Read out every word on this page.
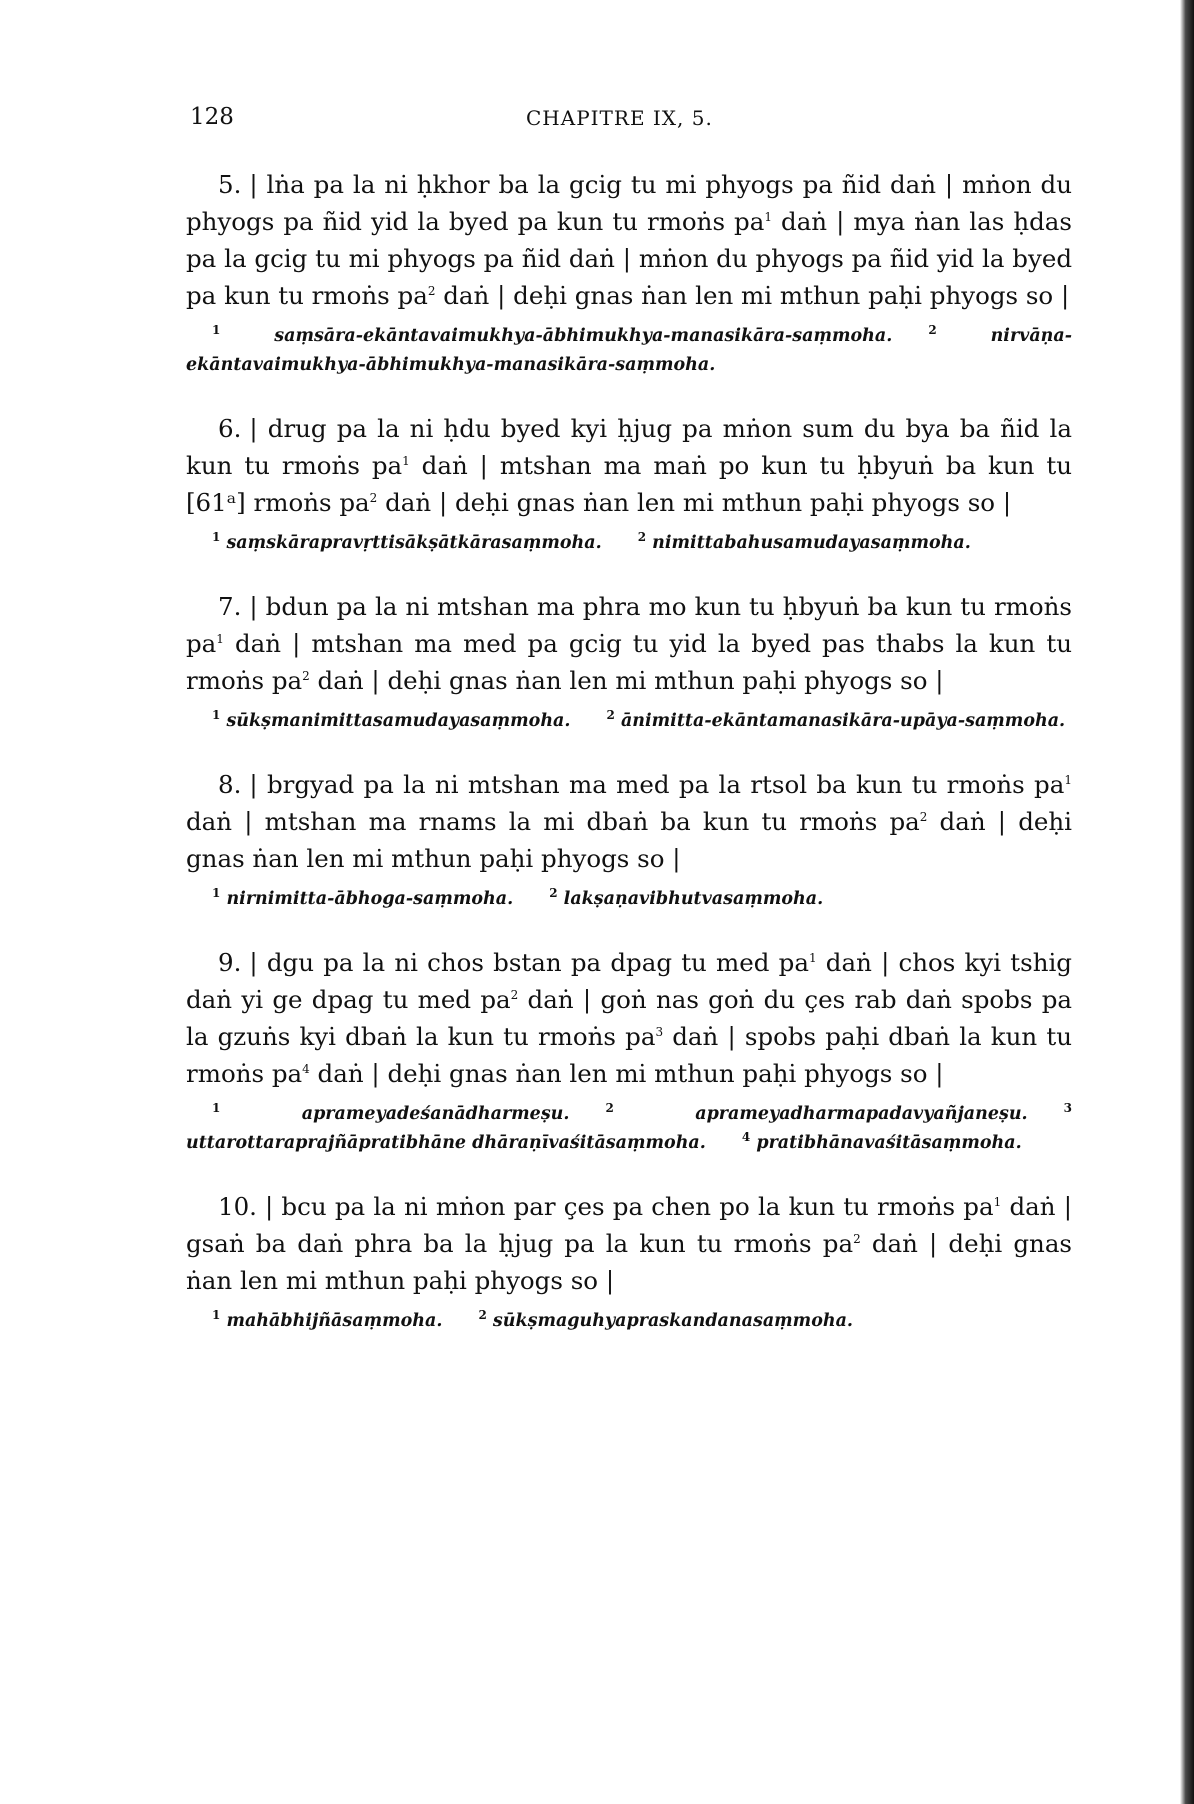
128	CHAPITRE IX, 5.

5. | lṅa pa la ni ḥkhor ba la gcig tu mi phyogs pa ñid daṅ | mṅon du phyogs pa ñid yid la byed pa kun tu rmoṅs $pa^1$ daṅ | mya ṅan las ḥdas pa la gcig tu mi phyogs pa ñid daṅ | mṅon du phyogs pa ñid yid la byed pa kun tu rmoṅs $pa^2$ daṅ | deḥi gnas ṅan len mi mthun paḥi phyogs so |

$^1$	saṃsāra-ekāntavaimukhya-ābhimukhya-manasikāra-saṃmoha.	$^2$	nirvāṇa-ekāntavaimukhya-ābhimukhya-manasikāra-saṃmoha.

6. | drug pa la ni ḥdu byed kyi ḥjug pa mṅon sum du bya ba ñid la kun tu rmoṅs $pa^1$ daṅ | mtshan ma maṅ po kun tu ḥbyuṅ ba kun tu [61ᵃ] rmoṅs $pa^2$ daṅ | deḥi gnas ṅan len mi mthun paḥi phyogs so |

$^1$ saṃskārapravṛttisākṣātkārasaṃmoha.	$^2$ nimittabahusamudayasaṃmoha.

7. | bdun pa la ni mtshan ma phra mo kun tu ḥbyuṅ ba kun tu rmoṅs $pa^1$ daṅ | mtshan ma med pa gcig tu yid la byed pas thabs la kun tu rmoṅs $pa^2$ daṅ | deḥi gnas ṅan len mi mthun paḥi phyogs so |

$^1$ sūkṣmanimittasamudayasaṃmoha.	$^2$ ānimitta-ekāntamanasikāra-upāya-saṃmoha.

8. | brgyad pa la ni mtshan ma med pa la rtsol ba kun tu rmoṅs $pa^1$ daṅ | mtshan ma rnams la mi dbaṅ ba kun tu rmoṅs $pa^2$ daṅ | deḥi gnas ṅan len mi mthun paḥi phyogs so |

$^1$ nirnimitta-ābhoga-saṃmoha.	$^2$ lakṣaṇavibhutvasaṃmoha.

9. | dgu pa la ni chos bstan pa dpag tu med $pa^1$ daṅ | chos kyi tshig daṅ yi ge dpag tu med $pa^2$ daṅ | goṅ nas goṅ du çes rab daṅ spobs pa la gzuṅs kyi dbaṅ la kun tu rmoṅs $pa^3$ daṅ | spobs paḥi dbaṅ la kun tu rmoṅs $pa^4$ daṅ | deḥi gnas ṅan len mi mthun paḥi phyogs so |

$^1$	aprameyadeśanādharmeṣu.	$^2$	aprameyadharmapadavyañjaneṣu.	$^3$ uttarottaraprajñāpratibhāne dhāraṇīvaśitāsaṃmoha.	$^4$ pratibhānavaśitāsaṃmoha.

10. | bcu pa la ni mṅon par çes pa chen po la kun tu rmoṅs $pa^1$ daṅ | gsaṅ ba daṅ phra ba la ḥjug pa la kun tu rmoṅs $pa^2$ daṅ | deḥi gnas ṅan len mi mthun paḥi phyogs so |

$^1$ mahābhijñāsaṃmoha.	$^2$ sūkṣmaguhyapraskandanasaṃmoha.
